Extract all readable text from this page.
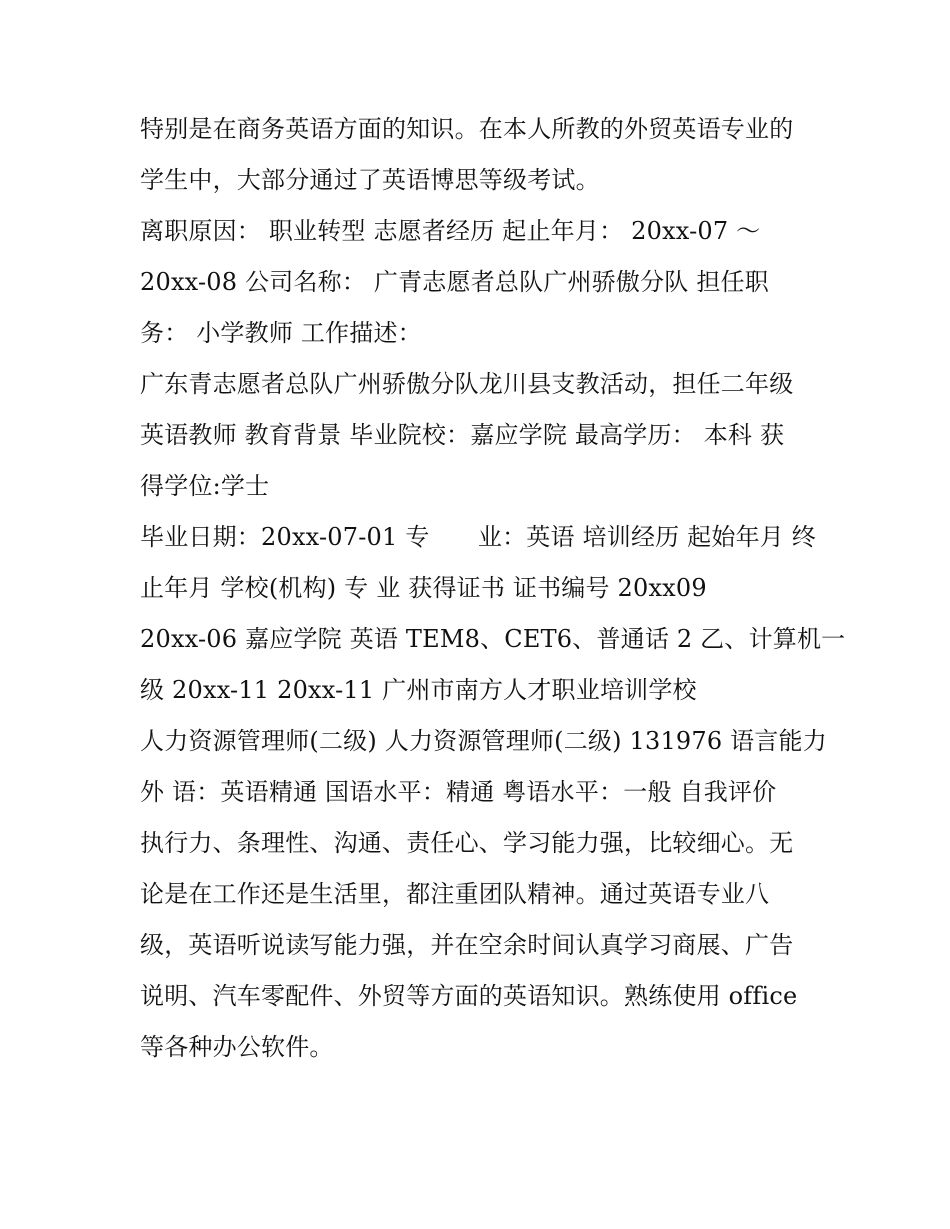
特别是在商务英语方面的知识。在本人所教的外贸英语专业的
学生中，大部分通过了英语博思等级考试。
离职原因： 职业转型 志愿者经历 起止年月： 20xx-07 ～
20xx-08 公司名称： 广青志愿者总队广州骄傲分队 担任职
务： 小学教师 工作描述：
广东青志愿者总队广州骄傲分队龙川县支教活动，担任二年级
英语教师 教育背景 毕业院校：嘉应学院 最高学历： 本科 获
得学位:学士
毕业日期：20xx-07-01 专　　业：英语 培训经历 起始年月 终
止年月 学校(机构) 专 业 获得证书 证书编号 20xx09
20xx-06 嘉应学院 英语 TEM8、CET6、普通话 2 乙、计算机一
级 20xx-11 20xx-11 广州市南方人才职业培训学校
人力资源管理师(二级) 人力资源管理师(二级) 131976 语言能力
外 语：英语精通 国语水平：精通 粤语水平：一般 自我评价
执行力、条理性、沟通、责任心、学习能力强，比较细心。无
论是在工作还是生活里，都注重团队精神。通过英语专业八
级，英语听说读写能力强，并在空余时间认真学习商展、广告
说明、汽车零配件、外贸等方面的英语知识。熟练使用 office
等各种办公软件。
